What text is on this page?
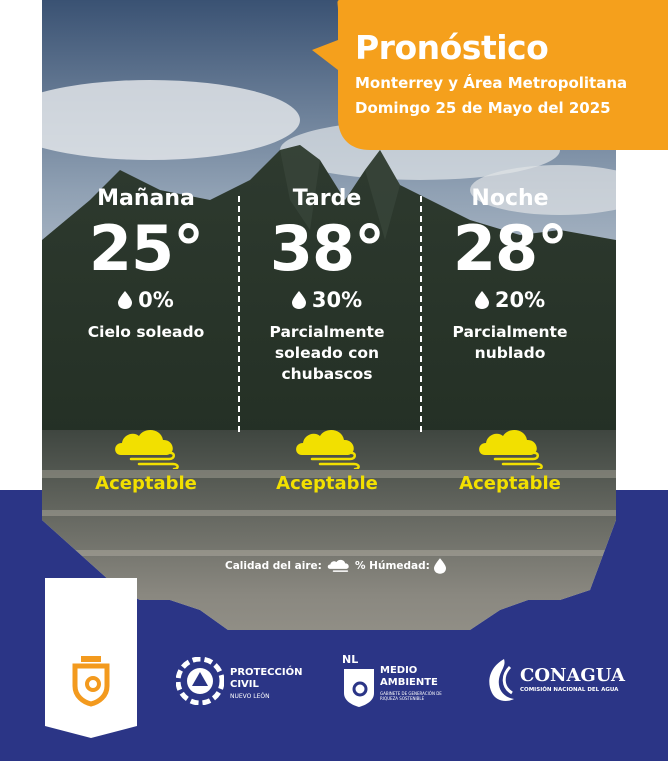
Pronóstico
Monterrey y Área Metropolitana
Domingo 25 de Mayo del 2025
Mañana
25°
0%
Cielo soleado
Tarde
38°
30%
Parcialmente soleado con chubascos
Noche
28°
20%
Parcialmente nublado
Aceptable	Aceptable	Aceptable
Calidad del aire:	% Húmedad:
PROTECCIÓN
CIVIL
NUEVO LEÓN
NL
MEDIO
AMBIENTE
GABINETE DE GENERACIÓN DE RIQUEZA SOSTENIBLE
CONAGUA
COMISIÓN NACIONAL DEL AGUA
